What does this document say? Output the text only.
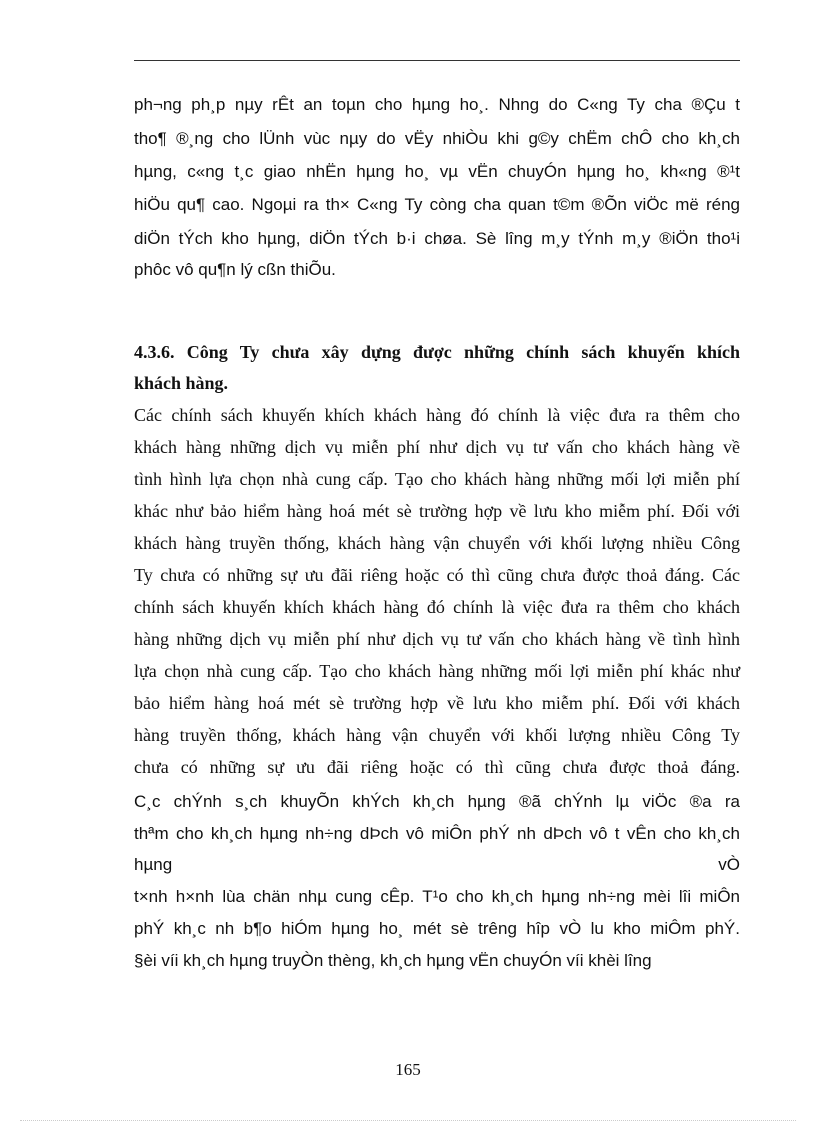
ph¬ng ph¸p nµy rÊt an toµn cho hµng ho¸. Nhng do C«ng Ty cha ®Çu t
tho¶ ®¸ng cho lÜnh vùc nµy do vËy nhiÒu khi g©y chËm chÔ cho kh¸ch
hµng, c«ng t¸c giao nhËn hµng ho¸ vµ vËn chuyÓn hµng ho¸ kh«ng ®¹t
hiÖu qu¶ cao. Ngoµi ra th× C«ng Ty còng cha quan t©m ®Õn viÖc më réng
diÖn tÝch kho hµng, diÖn tÝch b·i chøa. Sè lîng m¸y tÝnh m¸y ®iÖn tho¹i
phôc vô qu¶n lý cßn thiÕu.
4.3.6. Công Ty chưa xây dựng được những chính sách khuyến khích
khách hàng.
Các chính sách khuyến khích khách hàng đó chính là việc đưa ra thêm cho
khách hàng những dịch vụ miễn phí như dịch vụ tư vấn cho khách hàng về
tình hình lựa chọn nhà cung cấp. Tạo cho khách hàng những mối lợi miễn phí
khác như bảo hiểm hàng hoá mét sè trường hợp về lưu kho miễm phí. Đối với
khách hàng truyền thống, khách hàng vận chuyển với khối lượng nhiều Công
Ty chưa có những sự ưu đãi riêng hoặc có thì cũng chưa được thoả đáng. Các
chính sách khuyến khích khách hàng đó chính là việc đưa ra thêm cho khách
hàng những dịch vụ miễn phí như dịch vụ tư vấn cho khách hàng về tình hình
lựa chọn nhà cung cấp. Tạo cho khách hàng những mối lợi miễn phí khác như
bảo hiểm hàng hoá mét sè trường hợp về lưu kho miễm phí. Đối với khách
hàng truyền thống, khách hàng vận chuyển với khối lượng nhiều Công Ty
chưa có những sự ưu đãi riêng hoặc có thì cũng chưa được thoả đáng.
C¸c chÝnh s¸ch khuyÕn khÝch kh¸ch hµng ®ã chÝnh lµ viÖc ®a ra
thªm cho kh¸ch hµng nh÷ng dÞch vô miÔn phÝ nh dÞch vô t vÊn cho kh¸ch
hµng vÒ
t×nh h×nh lùa chän nhµ cung cÊp. T¹o cho kh¸ch hµng nh÷ng mèi lîi miÔn
phÝ kh¸c nh b¶o hiÓm hµng ho¸ mét sè trêng hîp vÒ lu kho miÔm phÝ.
§èi víi kh¸ch hµng truyÒn thèng, kh¸ch hµng vËn chuyÓn víi khèi lîng
165
